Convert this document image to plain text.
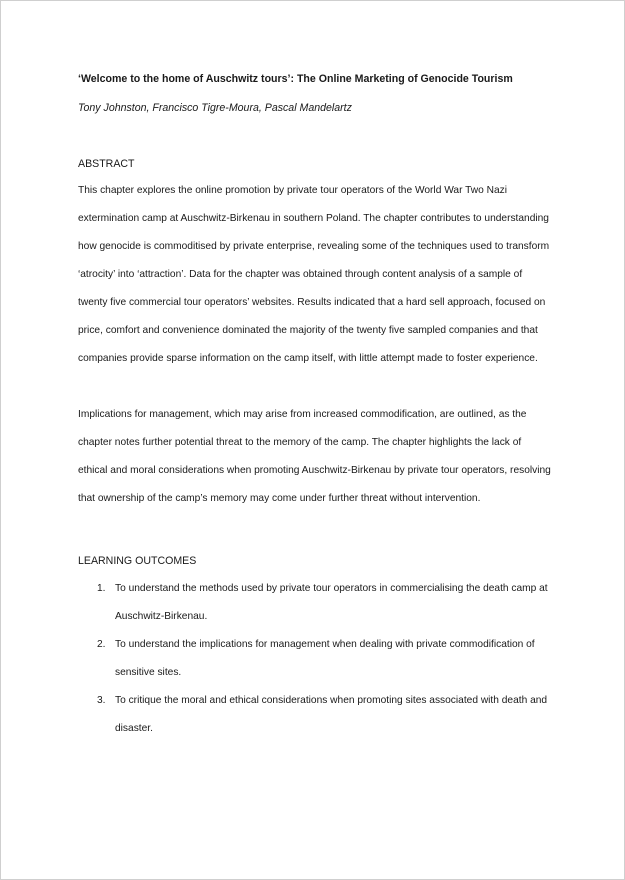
‘Welcome to the home of Auschwitz tours’: The Online Marketing of Genocide Tourism

Tony Johnston, Francisco Tigre-Moura, Pascal Mandelartz

ABSTRACT

This chapter explores the online promotion by private tour operators of the World War Two Nazi extermination camp at Auschwitz-Birkenau in southern Poland. The chapter contributes to understanding how genocide is commoditised by private enterprise, revealing some of the techniques used to transform ‘atrocity’ into ‘attraction’. Data for the chapter was obtained through content analysis of a sample of twenty five commercial tour operators’ websites. Results indicated that a hard sell approach, focused on price, comfort and convenience dominated the majority of the twenty five sampled companies and that companies provide sparse information on the camp itself, with little attempt made to foster experience.

Implications for management, which may arise from increased commodification, are outlined, as the chapter notes further potential threat to the memory of the camp. The chapter highlights the lack of ethical and moral considerations when promoting Auschwitz-Birkenau by private tour operators, resolving that ownership of the camp’s memory may come under further threat without intervention.

LEARNING OUTCOMES

1. To understand the methods used by private tour operators in commercialising the death camp at Auschwitz-Birkenau.
2. To understand the implications for management when dealing with private commodification of sensitive sites.
3. To critique the moral and ethical considerations when promoting sites associated with death and disaster.
